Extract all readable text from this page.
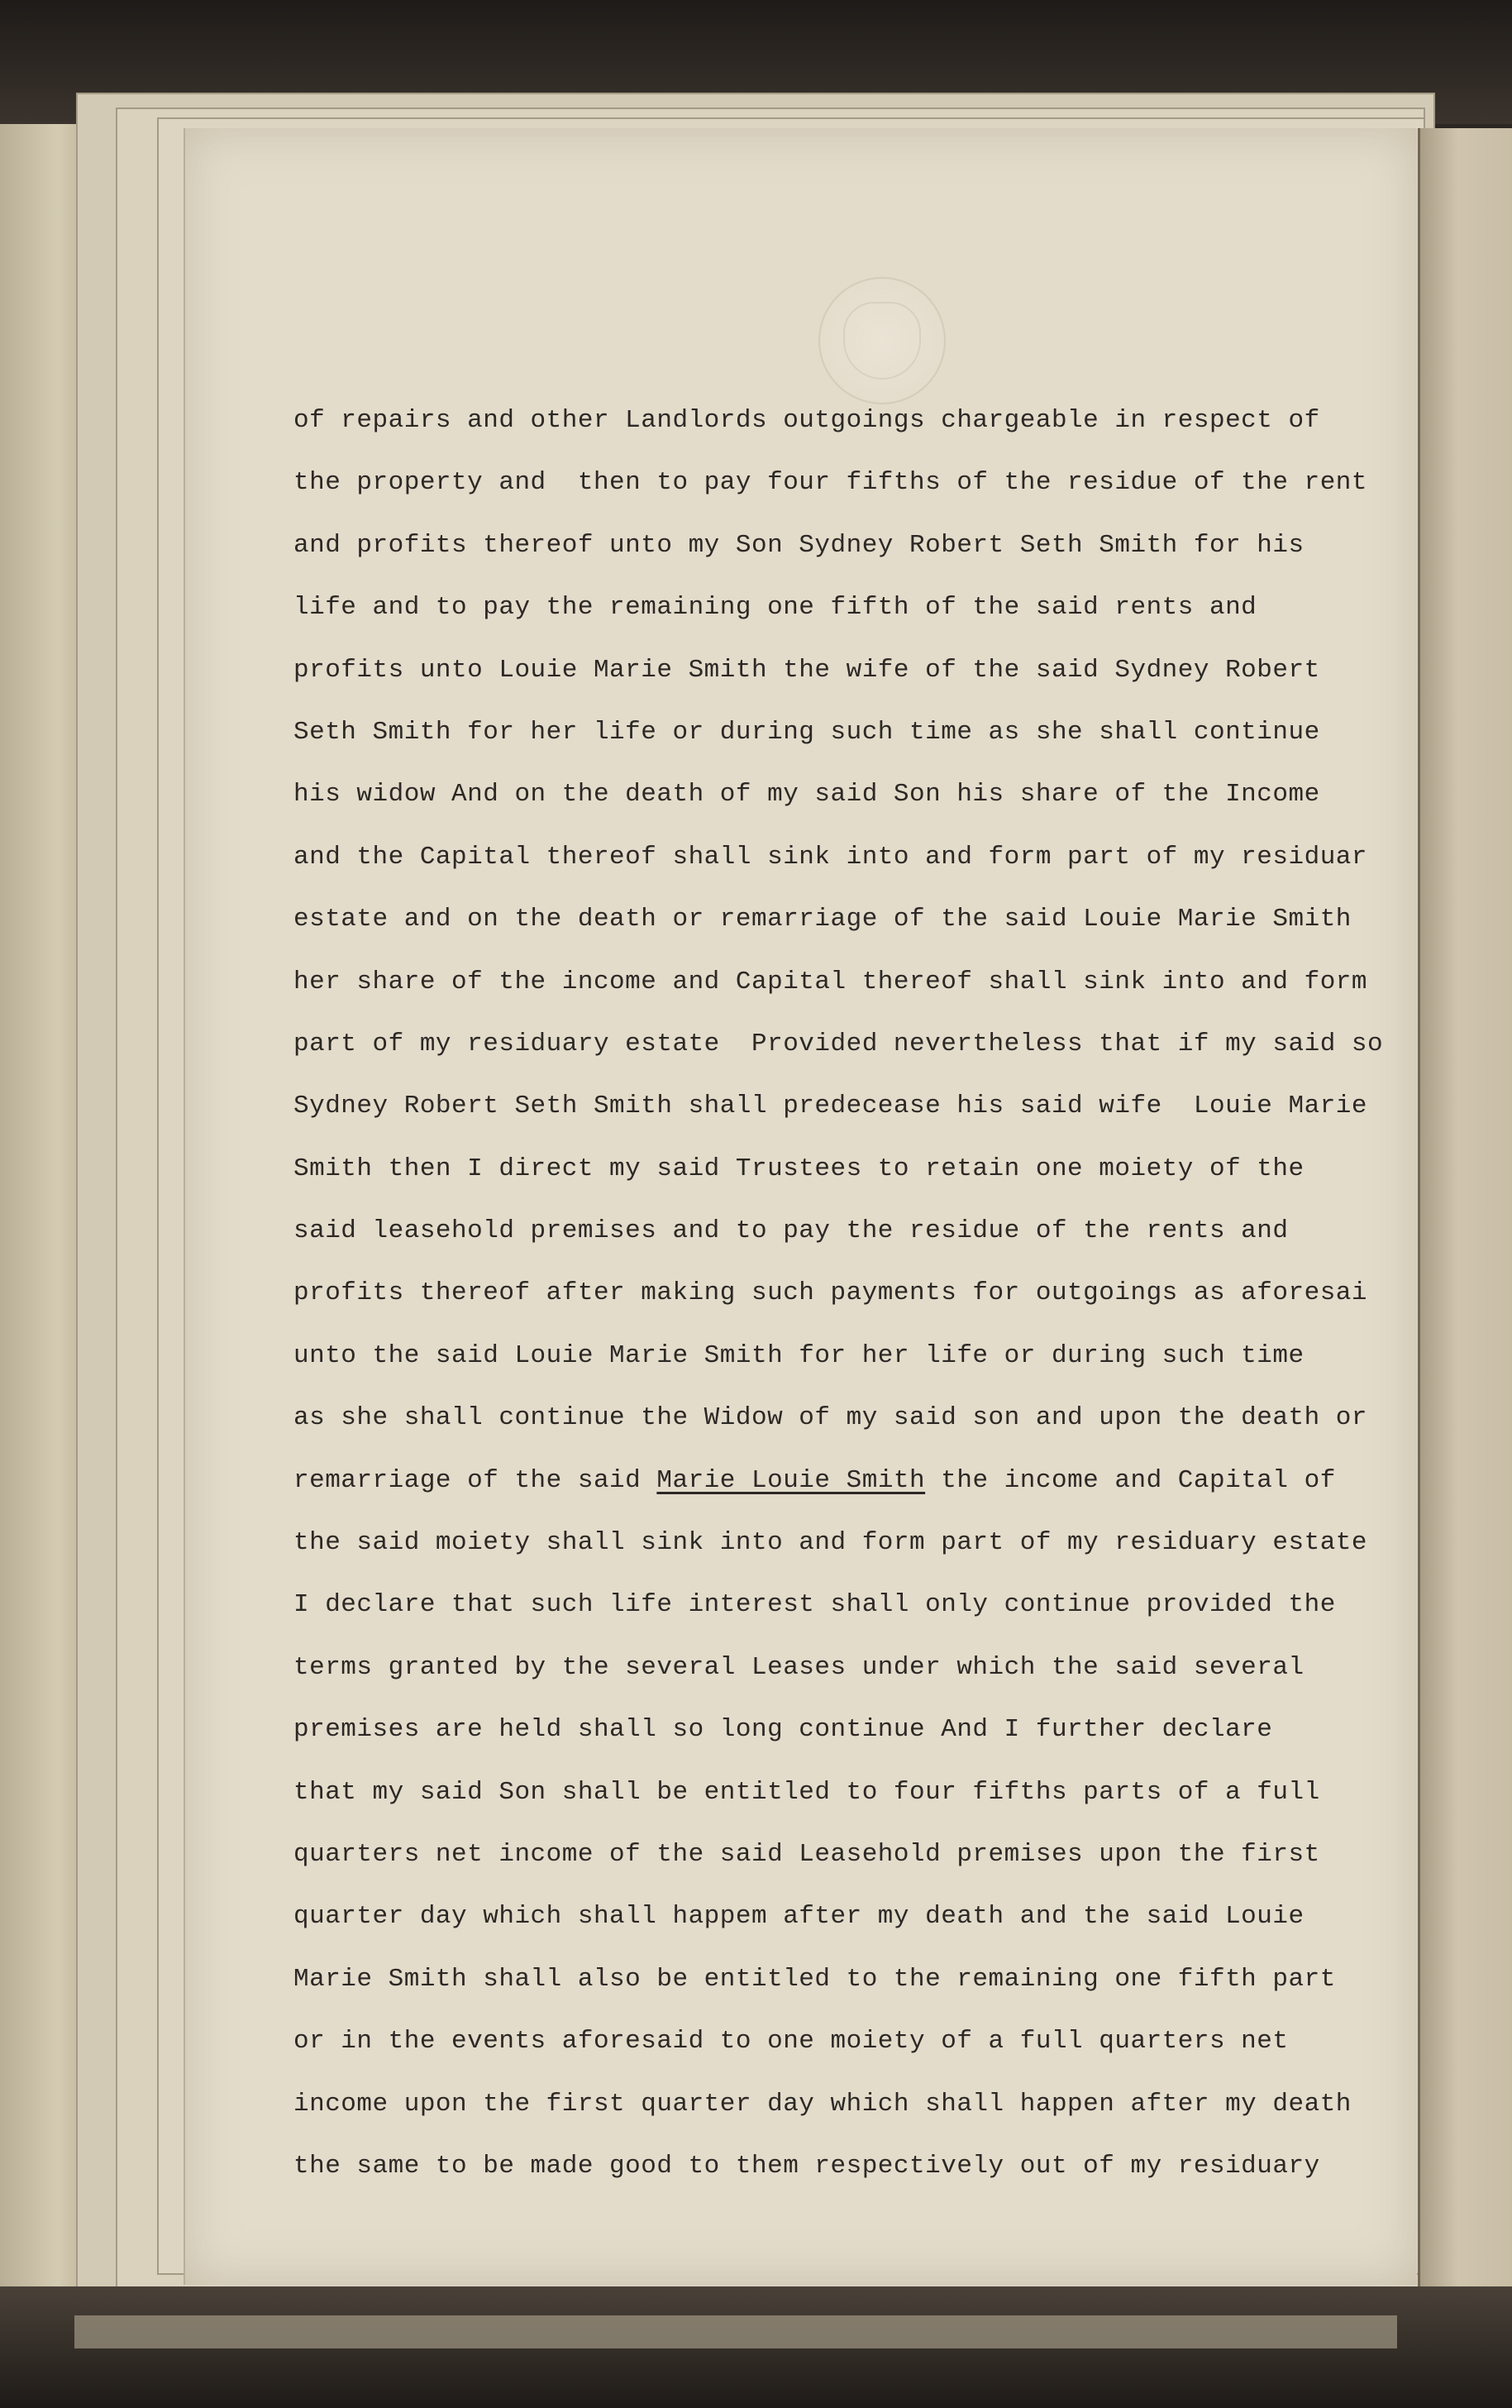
of repairs and other Landlords outgoings chargeable in respect of
the property and  then to pay four fifths of the residue of the rent
and profits thereof unto my Son Sydney Robert Seth Smith for his
life and to pay the remaining one fifth of the said rents and
profits unto Louie Marie Smith the wife of the said Sydney Robert
Seth Smith for her life or during such time as she shall continue
his widow And on the death of my said Son his share of the Income
and the Capital thereof shall sink into and form part of my residuar
estate and on the death or remarriage of the said Louie Marie Smith
her share of the income and Capital thereof shall sink into and form
part of my residuary estate  Provided nevertheless that if my said so
Sydney Robert Seth Smith shall predecease his said wife  Louie Marie
Smith then I direct my said Trustees to retain one moiety of the
said leasehold premises and to pay the residue of the rents and
profits thereof after making such payments for outgoings as aforesai
unto the said Louie Marie Smith for her life or during such time
as she shall continue the Widow of my said son and upon the death or
remarriage of the said Marie Louie Smith the income and Capital of
the said moiety shall sink into and form part of my residuary estate
I declare that such life interest shall only continue provided the
terms granted by the several Leases under which the said several
premises are held shall so long continue And I further declare
that my said Son shall be entitled to four fifths parts of a full
quarters net income of the said Leasehold premises upon the first
quarter day which shall happem after my death and the said Louie
Marie Smith shall also be entitled to the remaining one fifth part
or in the events aforesaid to one moiety of a full quarters net
income upon the first quarter day which shall happen after my death
the same to be made good to them respectively out of my residuary
